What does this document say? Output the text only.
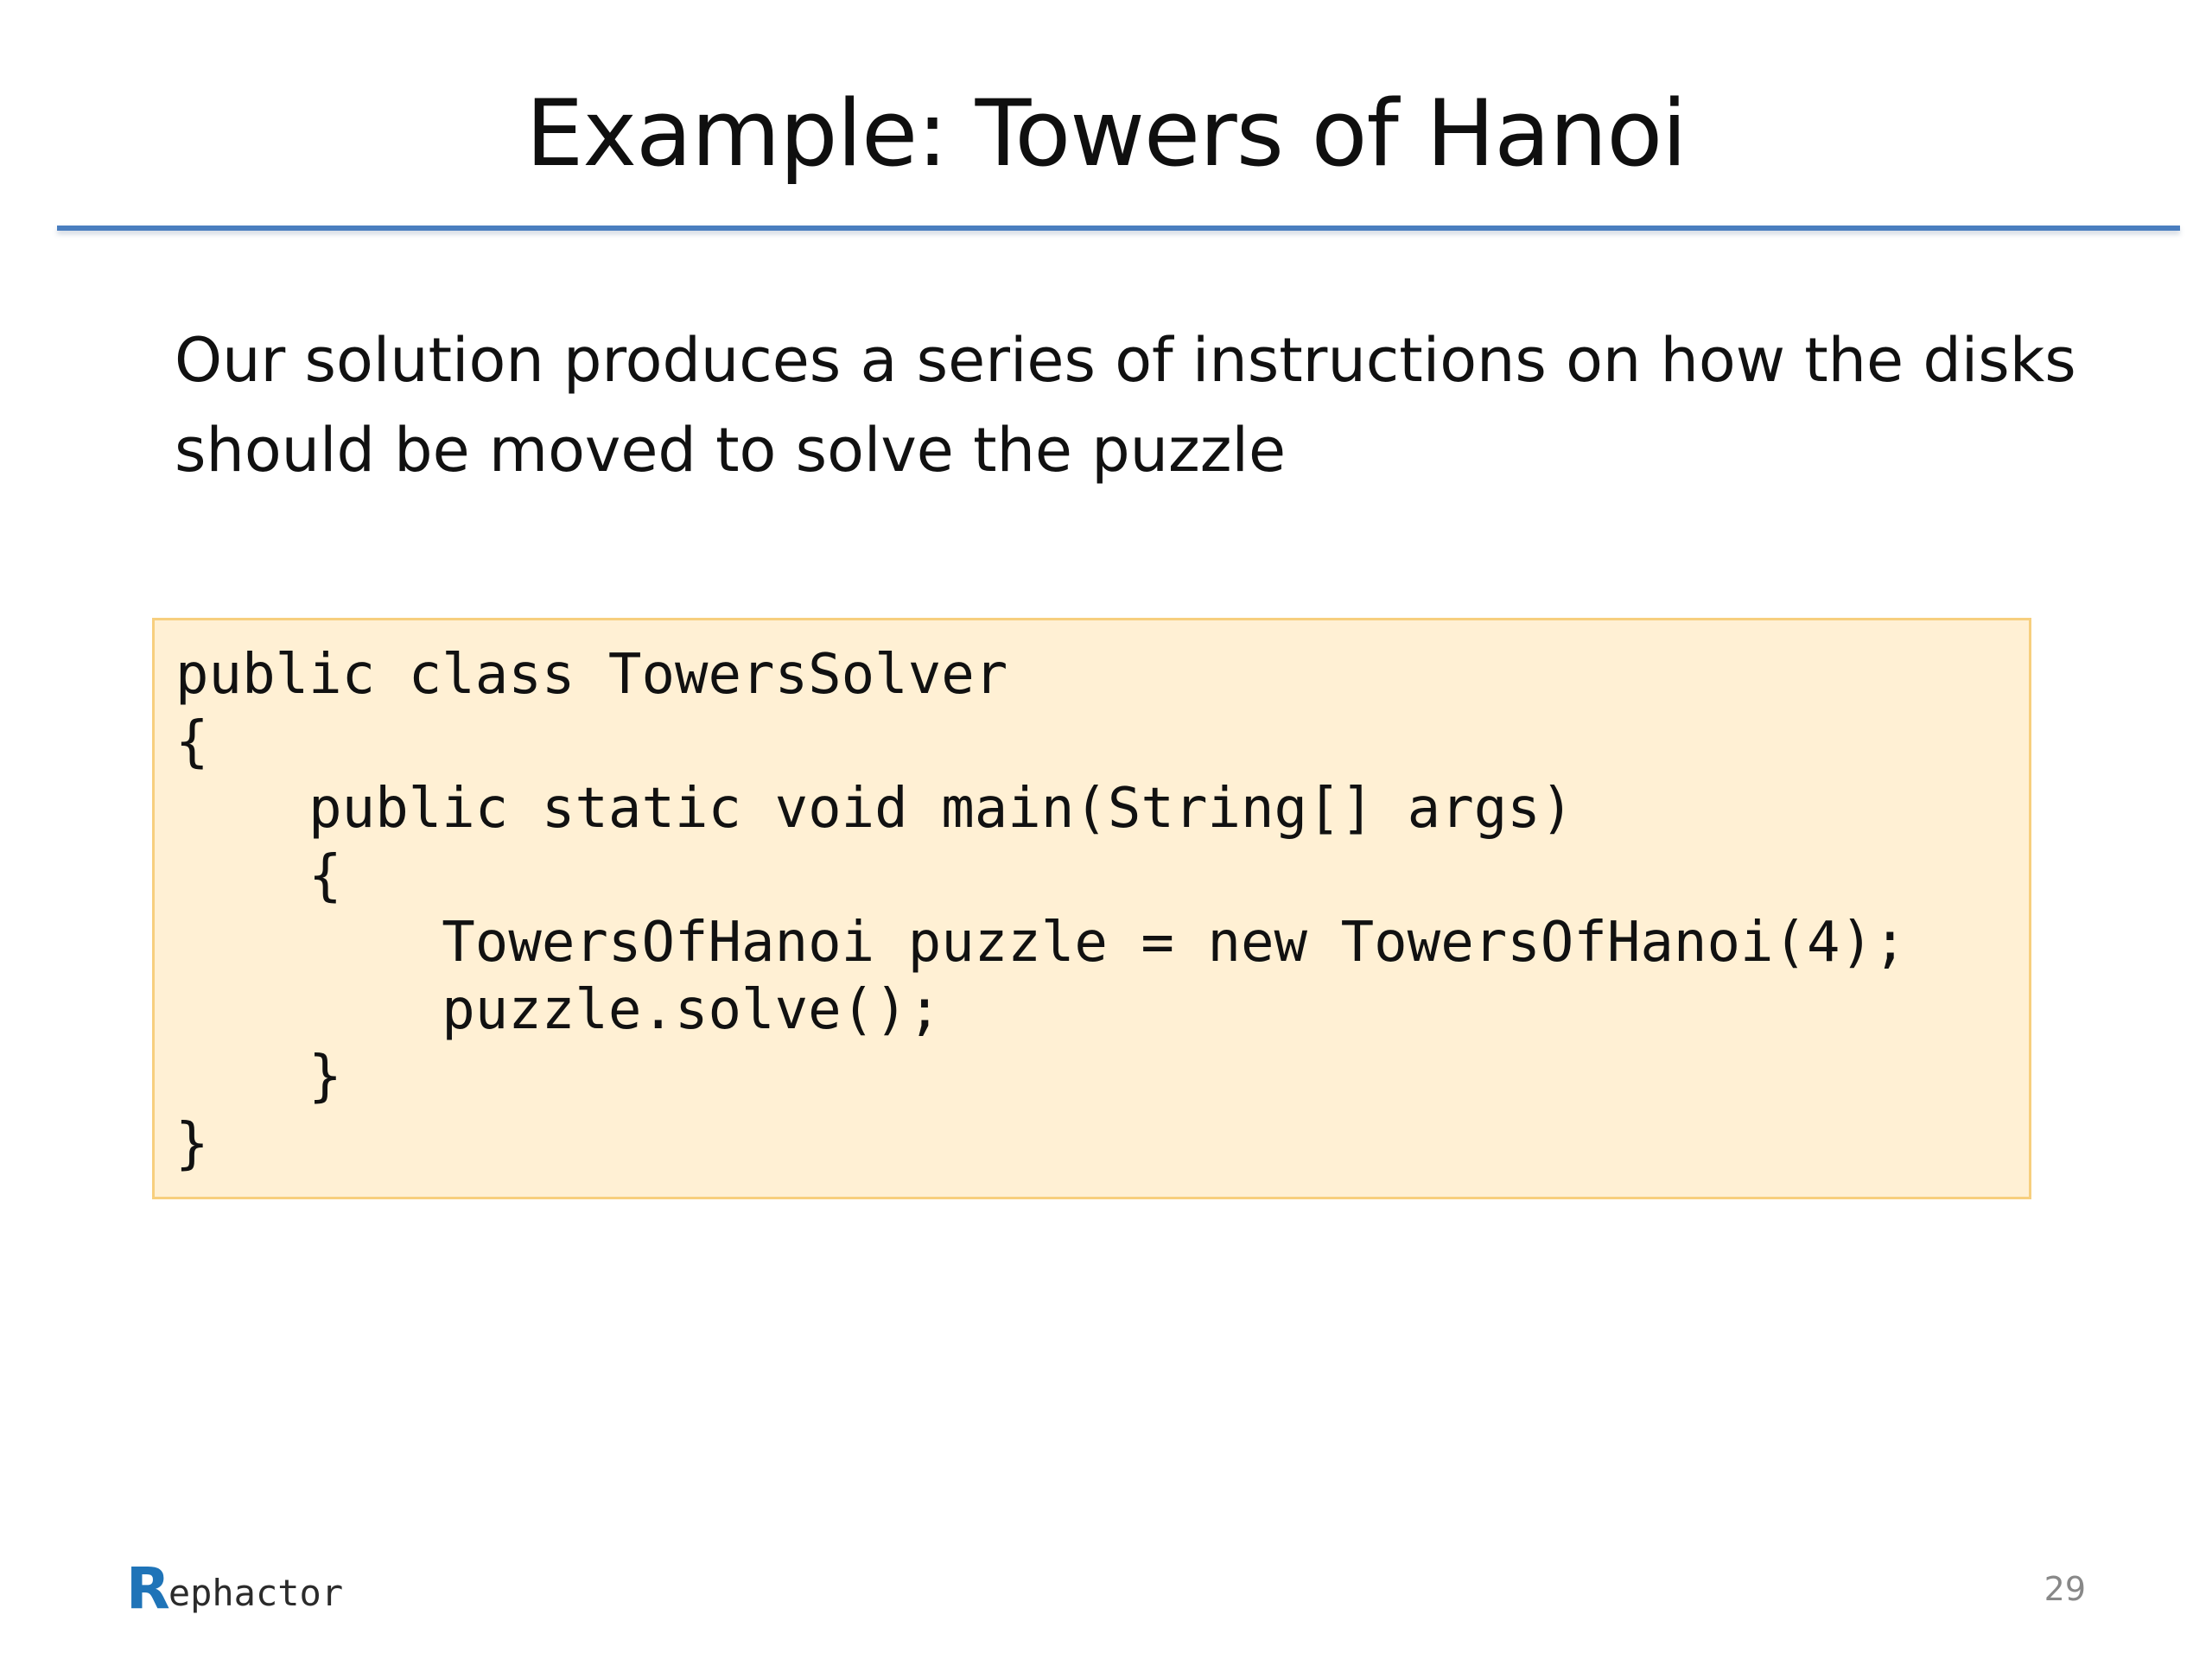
Example: Towers of Hanoi
Our solution produces a series of instructions on how the disks
should be moved to solve the puzzle
public class TowersSolver
{
public static void main(String[] args)
{
TowersOfHanoi puzzle = new TowersOfHanoi(4);
puzzle.solve();
}
}
R
ephactor	29
